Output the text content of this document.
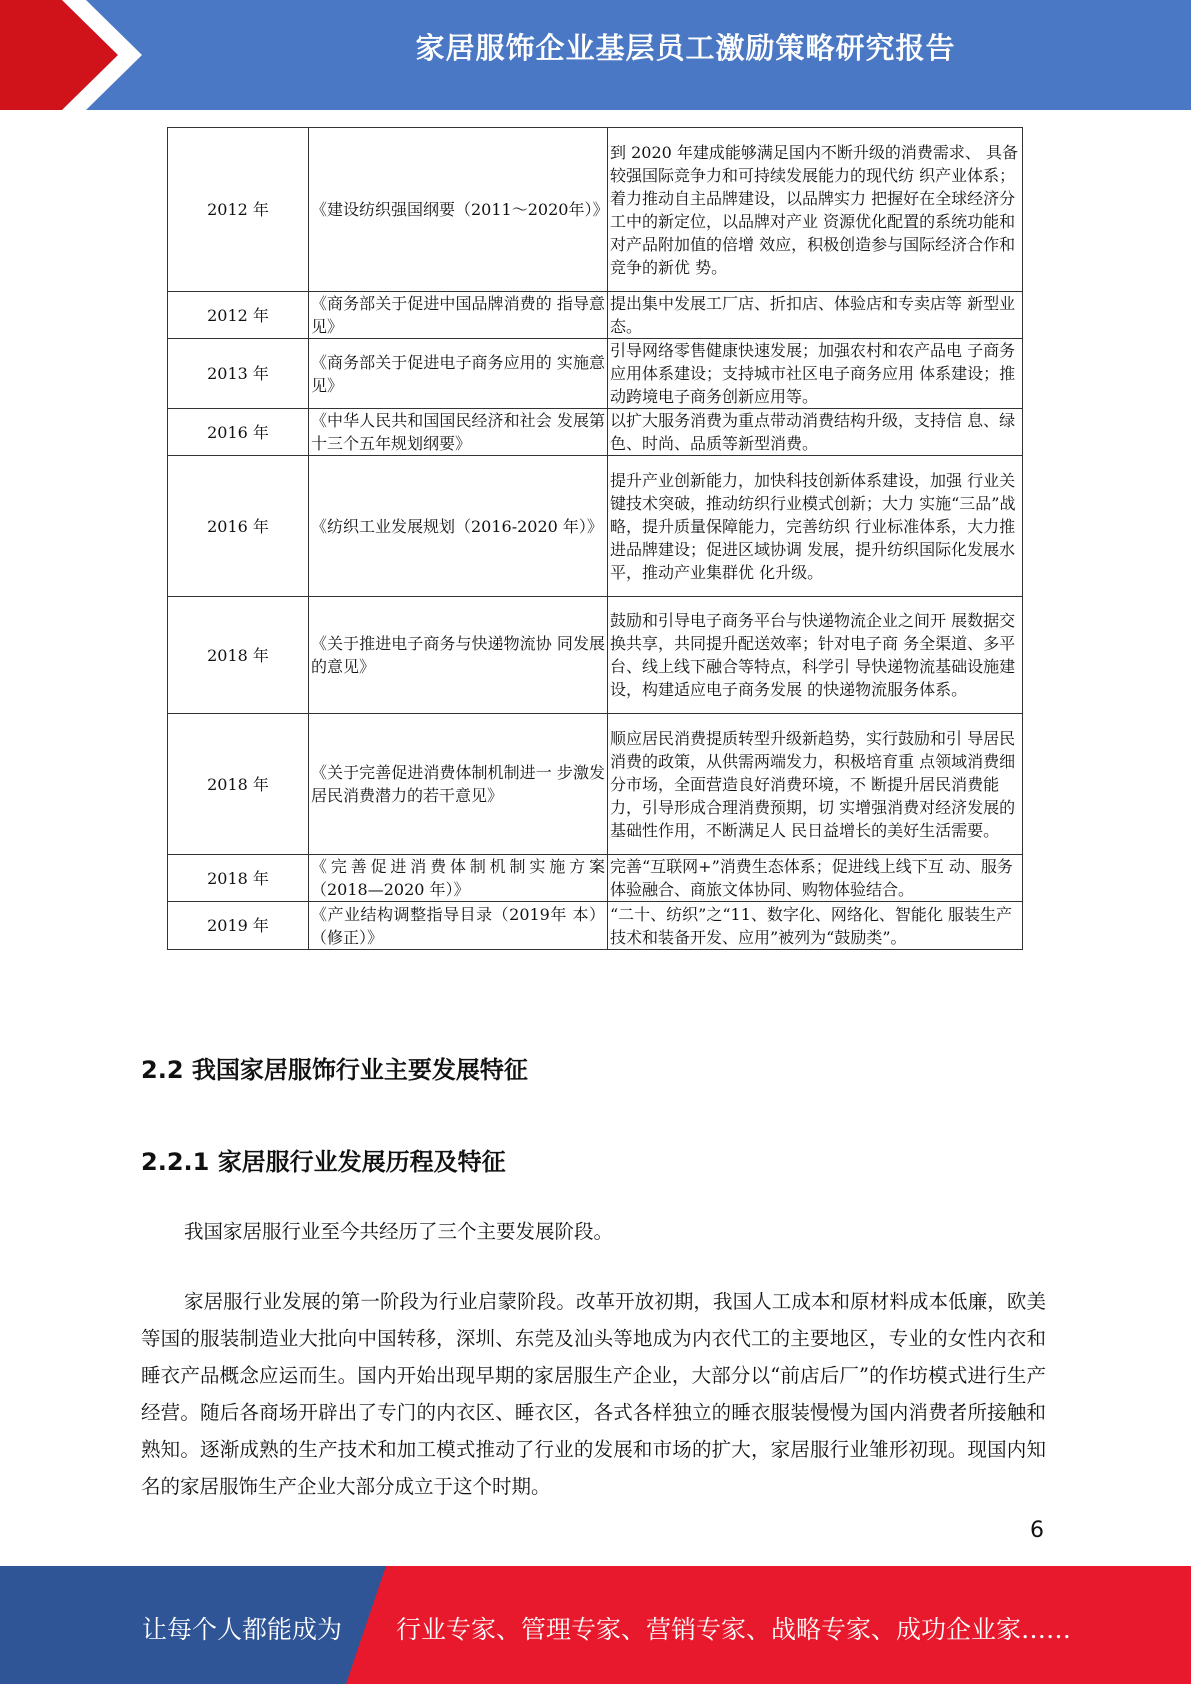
家居服饰企业基层员工激励策略研究报告
2012 年	《建设纺织强国纲要（2011～2020年）》	到 2020 年建成能够满足国内不断升级的消费需求、 具备较强国际竞争力和可持续发展能力的现代纺 织产业体系；着力推动自主品牌建设，以品牌实力 把握好在全球经济分工中的新定位，以品牌对产业 资源优化配置的系统功能和对产品附加值的倍增 效应，积极创造参与国际经济合作和竞争的新优 势。
2012 年	《商务部关于促进中国品牌消费的 指导意见》	提出集中发展工厂店、折扣店、体验店和专卖店等 新型业态。
2013 年	《商务部关于促进电子商务应用的 实施意见》	引导网络零售健康快速发展；加强农村和农产品电 子商务应用体系建设；支持城市社区电子商务应用 体系建设；推动跨境电子商务创新应用等。
2016 年	《中华人民共和国国民经济和社会 发展第十三个五年规划纲要》	以扩大服务消费为重点带动消费结构升级，支持信 息、绿色、时尚、品质等新型消费。
2016 年	《纺织工业发展规划（2016-2020 年）》	提升产业创新能力，加快科技创新体系建设，加强 行业关键技术突破，推动纺织行业模式创新；大力 实施“三品”战略，提升质量保障能力，完善纺织 行业标准体系，大力推进品牌建设；促进区域协调 发展，提升纺织国际化发展水平，推动产业集群优 化升级。
2018 年	《关于推进电子商务与快递物流协 同发展的意见》	鼓励和引导电子商务平台与快递物流企业之间开 展数据交换共享，共同提升配送效率；针对电子商 务全渠道、多平台、线上线下融合等特点，科学引 导快递物流基础设施建设，构建适应电子商务发展 的快递物流服务体系。
2018 年	《关于完善促进消费体制机制进一 步激发居民消费潜力的若干意见》	顺应居民消费提质转型升级新趋势，实行鼓励和引 导居民消费的政策，从供需两端发力，积极培育重 点领域消费细分市场，全面营造良好消费环境，不 断提升居民消费能力，引导形成合理消费预期，切 实增强消费对经济发展的基础性作用，不断满足人 民日益增长的美好生活需要。
2018 年	《完善促进消费体制机制实施方案（2018—2020 年）》	完善“互联网+”消费生态体系；促进线上线下互 动、服务体验融合、商旅文体协同、购物体验结合。
2019 年	《产业结构调整指导目录（2019年 本）（修正）》	“二十、纺织”之“11、数字化、网络化、智能化 服装生产技术和装备开发、应用”被列为“鼓励类”。
2.2 我国家居服饰行业主要发展特征
2.2.1 家居服行业发展历程及特征
我国家居服行业至今共经历了三个主要发展阶段。
家居服行业发展的第一阶段为行业启蒙阶段。改革开放初期，我国人工成本和原材料成本低廉，欧美等国的服装制造业大批向中国转移，深圳、东莞及汕头等地成为内衣代工的主要地区，专业的女性内衣和睡衣产品概念应运而生。国内开始出现早期的家居服生产企业，大部分以“前店后厂”的作坊模式进行生产经营。随后各商场开辟出了专门的内衣区、睡衣区，各式各样独立的睡衣服装慢慢为国内消费者所接触和熟知。逐渐成熟的生产技术和加工模式推动了行业的发展和市场的扩大，家居服行业雏形初现。现国内知名的家居服饰生产企业大部分成立于这个时期。
6
让每个人都能成为 行业专家、管理专家、营销专家、战略专家、成功企业家……
